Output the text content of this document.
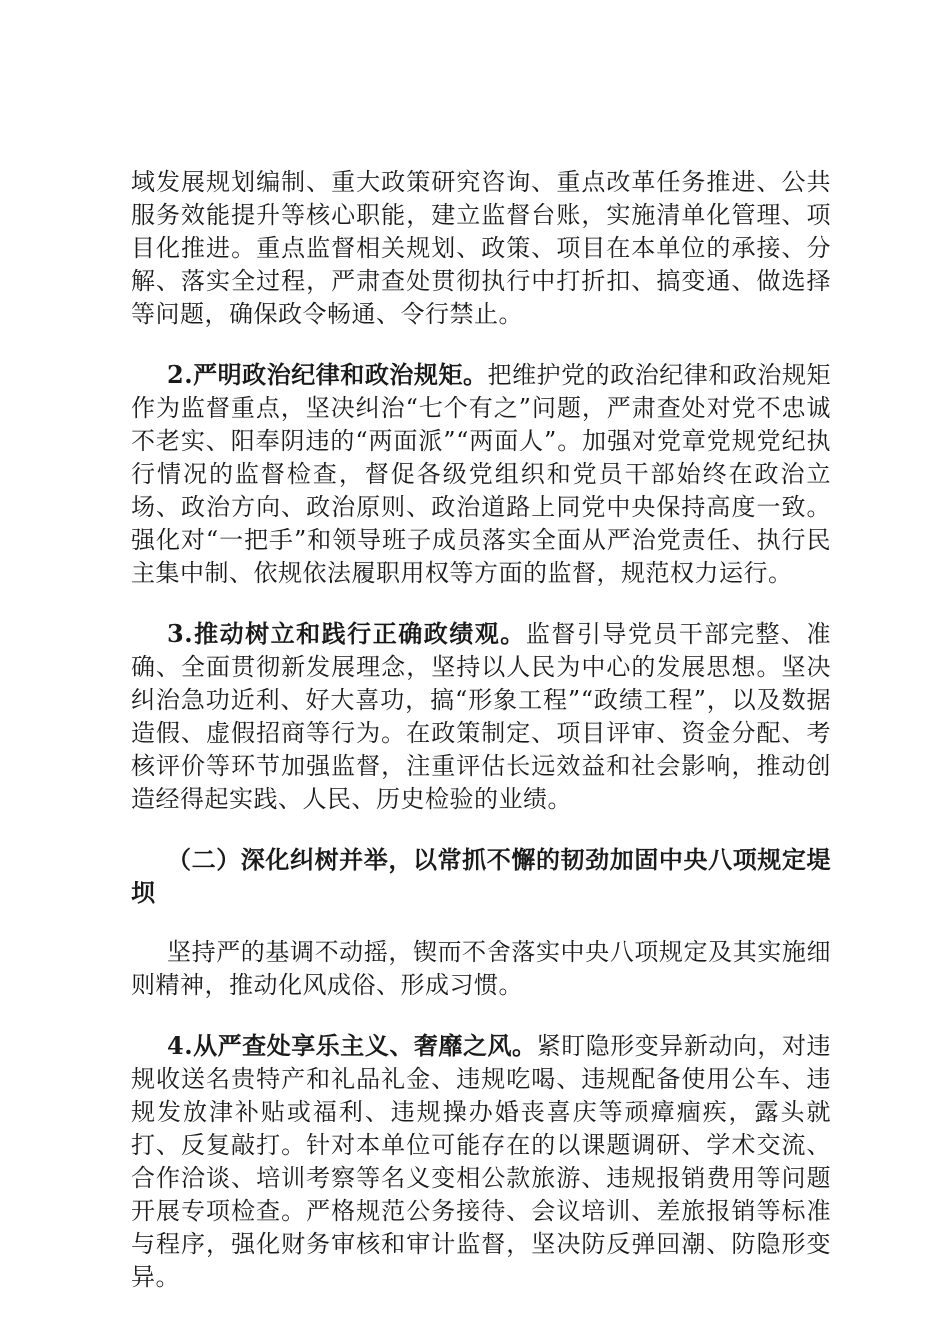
域发展规划编制、重大政策研究咨询、重点改革任务推进、公共服务效能提升等核心职能，建立监督台账，实施清单化管理、项目化推进。重点监督相关规划、政策、项目在本单位的承接、分解、落实全过程，严肃查处贯彻执行中打折扣、搞变通、做选择等问题，确保政令畅通、令行禁止。

2.严明政治纪律和政治规矩。把维护党的政治纪律和政治规矩作为监督重点，坚决纠治“七个有之”问题，严肃查处对党不忠诚不老实、阳奉阴违的“两面派”“两面人”。加强对党章党规党纪执行情况的监督检查，督促各级党组织和党员干部始终在政治立场、政治方向、政治原则、政治道路上同党中央保持高度一致。强化对“一把手”和领导班子成员落实全面从严治党责任、执行民主集中制、依规依法履职用权等方面的监督，规范权力运行。

3.推动树立和践行正确政绩观。监督引导党员干部完整、准确、全面贯彻新发展理念，坚持以人民为中心的发展思想。坚决纠治急功近利、好大喜功，搞“形象工程”“政绩工程”，以及数据造假、虚假招商等行为。在政策制定、项目评审、资金分配、考核评价等环节加强监督，注重评估长远效益和社会影响，推动创造经得起实践、人民、历史检验的业绩。

（二）深化纠树并举，以常抓不懈的韧劲加固中央八项规定堤坝

坚持严的基调不动摇，锲而不舍落实中央八项规定及其实施细则精神，推动化风成俗、形成习惯。

4.从严查处享乐主义、奢靡之风。紧盯隐形变异新动向，对违规收送名贵特产和礼品礼金、违规吃喝、违规配备使用公车、违规发放津补贴或福利、违规操办婚丧喜庆等顽瘴痼疾，露头就打、反复敲打。针对本单位可能存在的以课题调研、学术交流、合作洽谈、培训考察等名义变相公款旅游、违规报销费用等问题开展专项检查。严格规范公务接待、会议培训、差旅报销等标准与程序，强化财务审核和审计监督，坚决防反弹回潮、防隐形变异。
